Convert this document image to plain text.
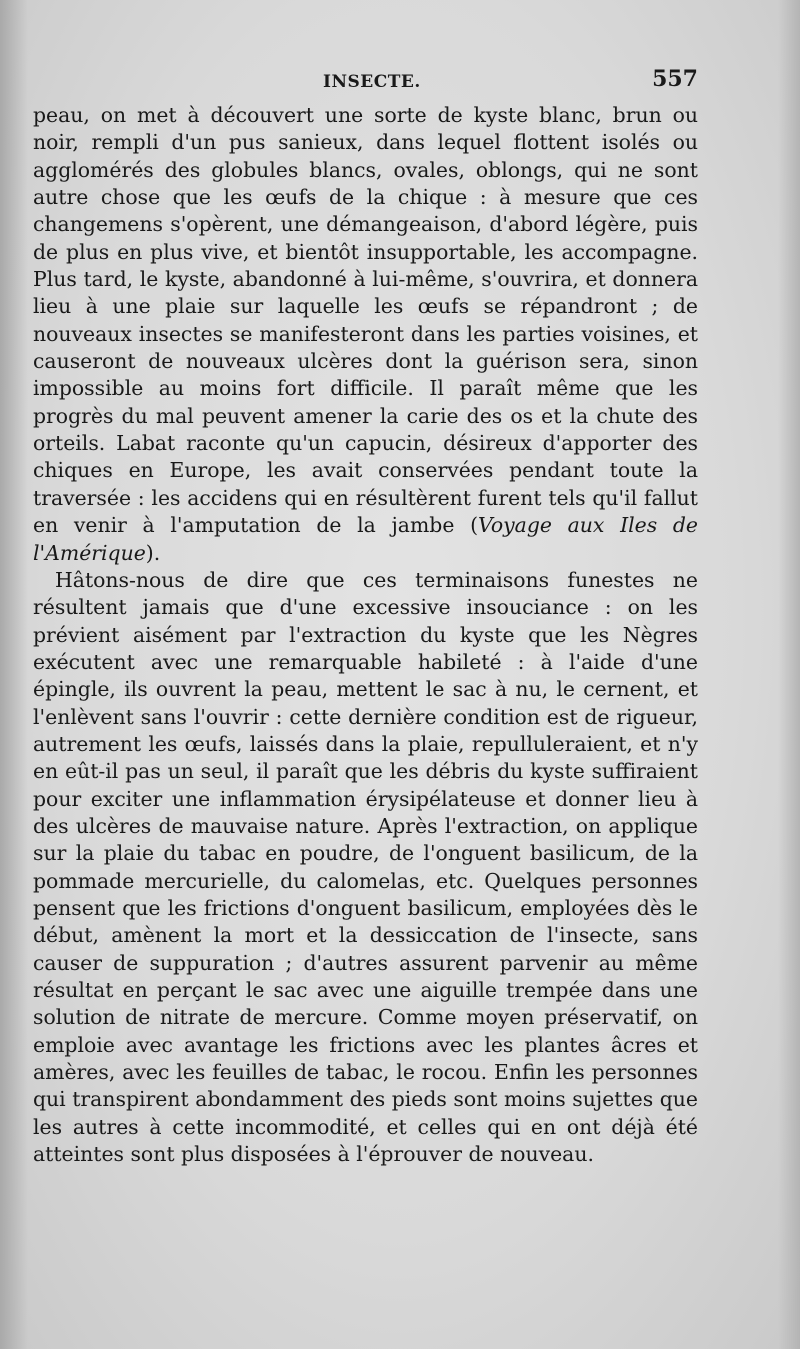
INSECTE.	557

peau, on met à découvert une sorte de kyste blanc, brun ou noir, rempli d'un pus sanieux, dans lequel flottent isolés ou agglomérés des globules blancs, ovales, oblongs, qui ne sont autre chose que les œufs de la chique : à mesure que ces changemens s'opèrent, une démangeaison, d'abord légère, puis de plus en plus vive, et bientôt insupportable, les accompagne. Plus tard, le kyste, abandonné à lui-même, s'ouvrira, et donnera lieu à une plaie sur laquelle les œufs se répandront ; de nouveaux insectes se manifesteront dans les parties voisines, et causeront de nouveaux ulcères dont la guérison sera, sinon impossible au moins fort difficile. Il paraît même que les progrès du mal peuvent amener la carie des os et la chute des orteils. Labat raconte qu'un capucin, désireux d'apporter des chiques en Europe, les avait conservées pendant toute la traversée : les accidens qui en résultèrent furent tels qu'il fallut en venir à l'amputation de la jambe (Voyage aux Iles de l'Amérique).

Hâtons-nous de dire que ces terminaisons funestes ne résultent jamais que d'une excessive insouciance : on les prévient aisément par l'extraction du kyste que les Nègres exécutent avec une remarquable habileté : à l'aide d'une épingle, ils ouvrent la peau, mettent le sac à nu, le cernent, et l'enlèvent sans l'ouvrir : cette dernière condition est de rigueur, autrement les œufs, laissés dans la plaie, repulluleraient, et n'y en eût-il pas un seul, il paraît que les débris du kyste suffiraient pour exciter une inflammation érysipélateuse et donner lieu à des ulcères de mauvaise nature. Après l'extraction, on applique sur la plaie du tabac en poudre, de l'onguent basilicum, de la pommade mercurielle, du calomelas, etc. Quelques personnes pensent que les frictions d'onguent basilicum, employées dès le début, amènent la mort et la dessiccation de l'insecte, sans causer de suppuration ; d'autres assurent parvenir au même résultat en perçant le sac avec une aiguille trempée dans une solution de nitrate de mercure. Comme moyen préservatif, on emploie avec avantage les frictions avec les plantes âcres et amères, avec les feuilles de tabac, le rocou. Enfin les personnes qui transpirent abondamment des pieds sont moins sujettes que les autres à cette incommodité, et celles qui en ont déjà été atteintes sont plus disposées à l'éprouver de nouveau.
